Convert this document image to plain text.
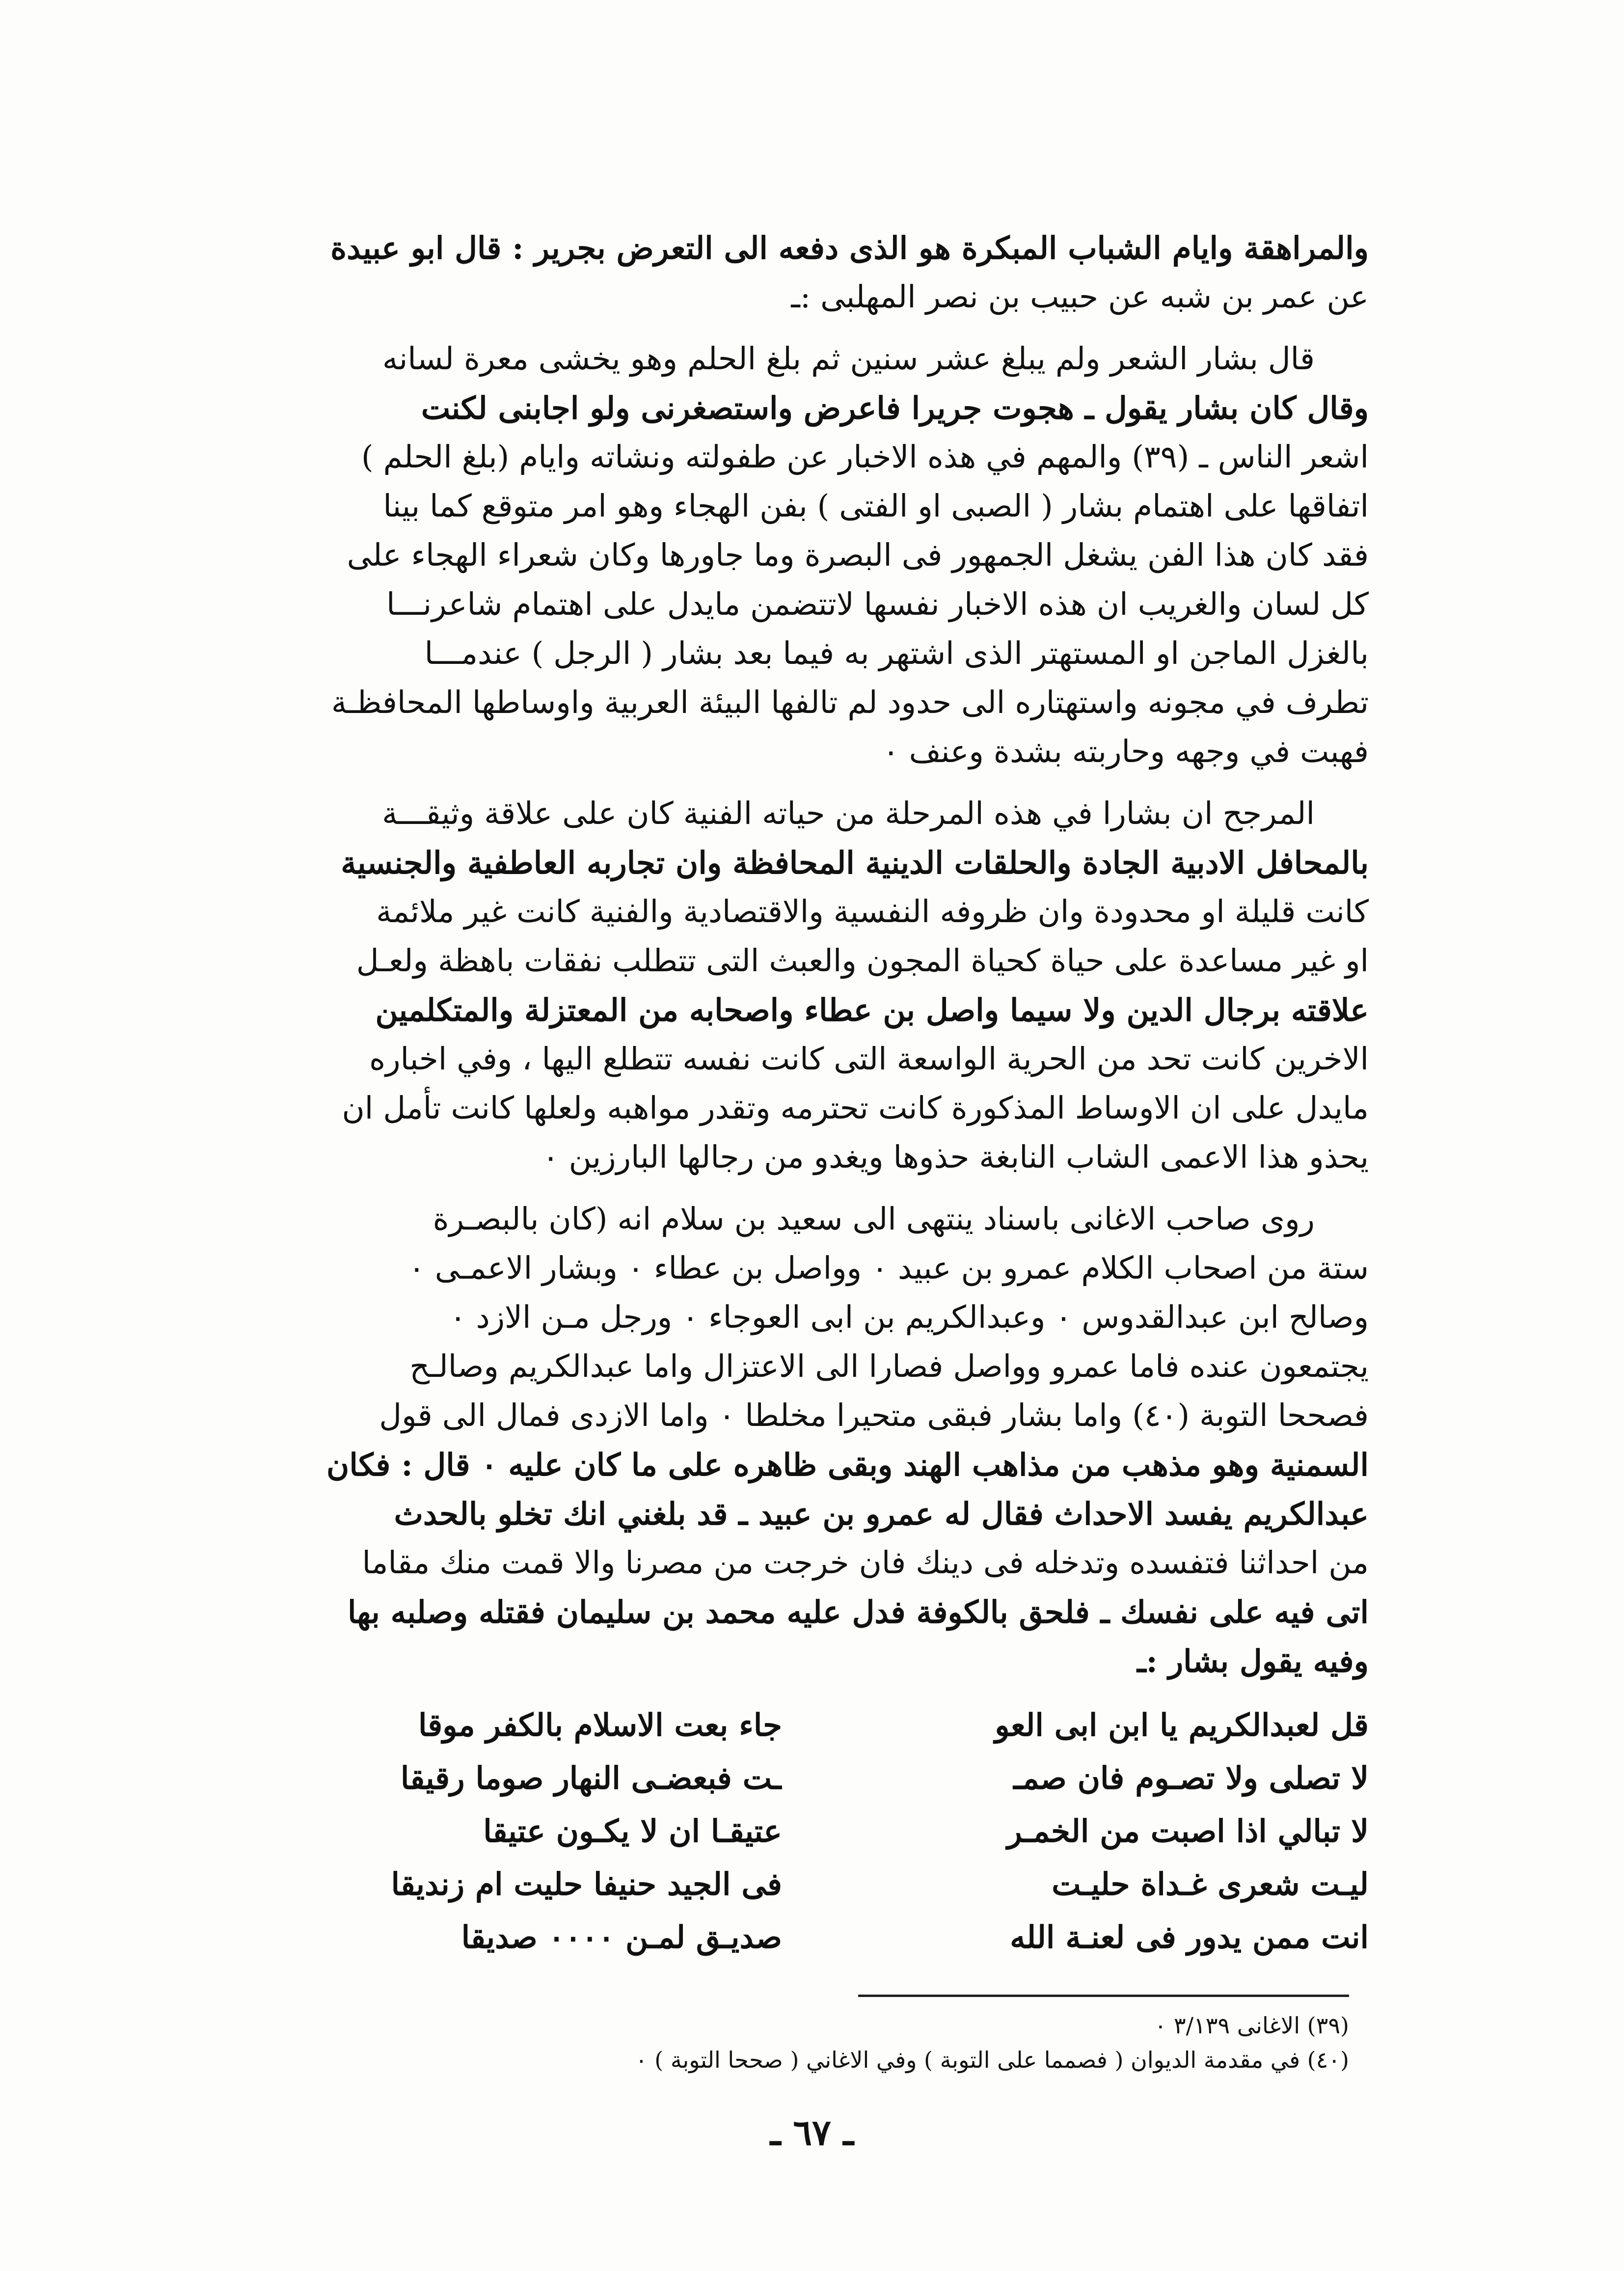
والمراهقة وايام الشباب المبكرة هو الذى دفعه الى التعرض بجرير : قال ابو عبيدة
عن عمر بن شبه عن حبيب بن نصر المهلبى :ـ
قال بشار الشعر ولم يبلغ عشر سنين ثم بلغ الحلم وهو يخشى معرة لسانه
وقال كان بشار يقول ـ هجوت جريرا فاعرض واستصغرنى ولو اجابنى لكنت
اشعر الناس ـ (٣٩) والمهم في هذه الاخبار عن طفولته ونشاته وايام (بلغ الحلم )
اتفاقها على اهتمام بشار ( الصبى او الفتى ) بفن الهجاء وهو امر متوقع كما بينا
فقد كان هذا الفن يشغل الجمهور فى البصرة وما جاورها وكان شعراء الهجاء على
كل لسان والغريب ان هذه الاخبار نفسها لاتتضمن مايدل على اهتمام شاعرنـــا
بالغزل الماجن او المستهتر الذى اشتهر به فيما بعد بشار ( الرجل ) عندمـــا
تطرف في مجونه واستهتاره الى حدود لم تالفها البيئة العربية واوساطها المحافظـة
فهبت في وجهه وحاربته بشدة وعنف ٠
المرجح ان بشارا في هذه المرحلة من حياته الفنية كان على علاقة وثيقـــة
بالمحافل الادبية الجادة والحلقات الدينية المحافظة وان تجاربه العاطفية والجنسية
كانت قليلة او محدودة وان ظروفه النفسية والاقتصادية والفنية كانت غير ملائمة
او غير مساعدة على حياة كحياة المجون والعبث التى تتطلب نفقات باهظة ولعـل
علاقته برجال الدين ولا سيما واصل بن عطاء واصحابه من المعتزلة والمتكلمين
الاخرين كانت تحد من الحرية الواسعة التى كانت نفسه تتطلع اليها ، وفي اخباره
مايدل على ان الاوساط المذكورة كانت تحترمه وتقدر مواهبه ولعلها كانت تأمل ان
يحذو هذا الاعمى الشاب النابغة حذوها ويغدو من رجالها البارزين ٠
روى صاحب الاغانى باسناد ينتهى الى سعيد بن سلام انه (كان بالبصـرة
ستة من اصحاب الكلام عمرو بن عبيد ٠ وواصل بن عطاء ٠ وبشار الاعمـى ٠
وصالح ابن عبدالقدوس ٠ وعبدالكريم بن ابى العوجاء ٠ ورجل مـن الازد ٠
يجتمعون عنده فاما عمرو وواصل فصارا الى الاعتزال واما عبدالكريم وصالـح
فصححا التوبة (٤٠) واما بشار فبقى متحيرا مخلطا ٠ واما الازدى فمال الى قول
السمنية وهو مذهب من مذاهب الهند وبقى ظاهره على ما كان عليه ٠ قال : فكان
عبدالكريم يفسد الاحداث فقال له عمرو بن عبيد ـ قد بلغني انك تخلو بالحدث
من احداثنا فتفسده وتدخله فى دينك فان خرجت من مصرنا والا قمت منك مقاما
اتى فيه على نفسك ـ فلحق بالكوفة فدل عليه محمد بن سليمان فقتله وصلبه بها
وفيه يقول بشار :ـ
قل لعبدالكريم يا ابن ابى العو
جاء بعت الاسلام بالكفر موقا
لا تصلى ولا تصـوم فان صمـ
ـت فبعضـى النهار صوما رقيقا
لا تبالي اذا اصبت من الخمـر
عتيقـا ان لا يكـون عتيقا
ليـت شعرى غـداة حليـت
فى الجيد حنيفا حليت ام زنديقا
انت ممن يدور فى لعنـة الله
صديـق لمـن ٠٠٠٠ صديقا
(٣٩) الاغانى ٣/١٣٩ ٠
(٤٠) في مقدمة الديوان ( فصمما على التوبة ) وفي الاغاني ( صححا التوبة ) ٠
ـ ٦٧ ـ
